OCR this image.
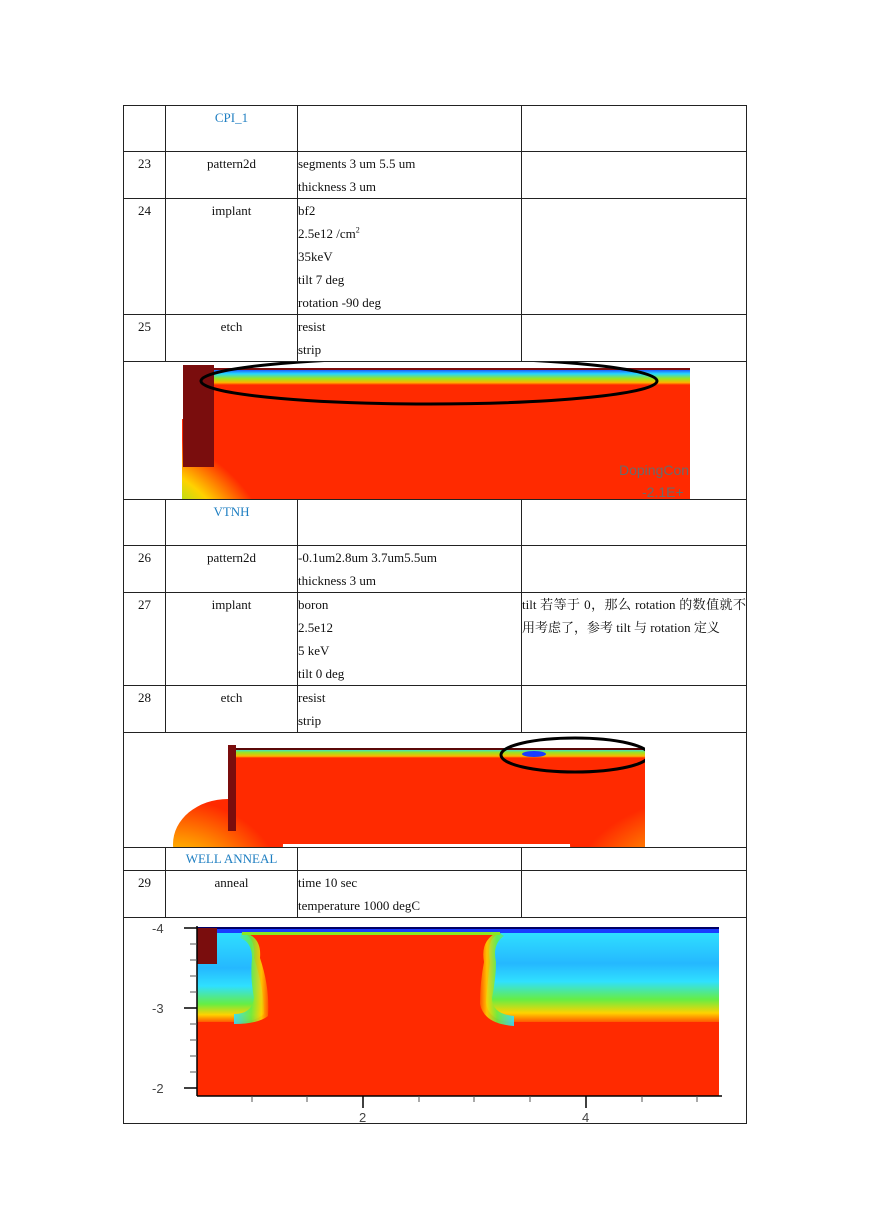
	CPI_1		
23	pattern2d	segments 3 um 5.5 um
thickness 3 um	

24	implant	bf2
2.5e12 $/cm^2$
35keV
tilt 7 deg
rotation -90 deg	

25	etch	resist
strip	

DopingCon
-2.1E+			

	VTNH		
26	pattern2d	-0.1um2.8um 3.7um5.5um
thickness 3 um	

27	implant	boron
2.5e12
5 keV
tilt 0 deg	tilt 若等于 0，那么 rotation 的数值就不用考虑了，参考 tilt 与 rotation 定义
28	etch	resist
strip	

	WELL ANNEAL		
29	anneal	time 10 sec
temperature 1000 degC	

-4
-3
-2
2 4			
